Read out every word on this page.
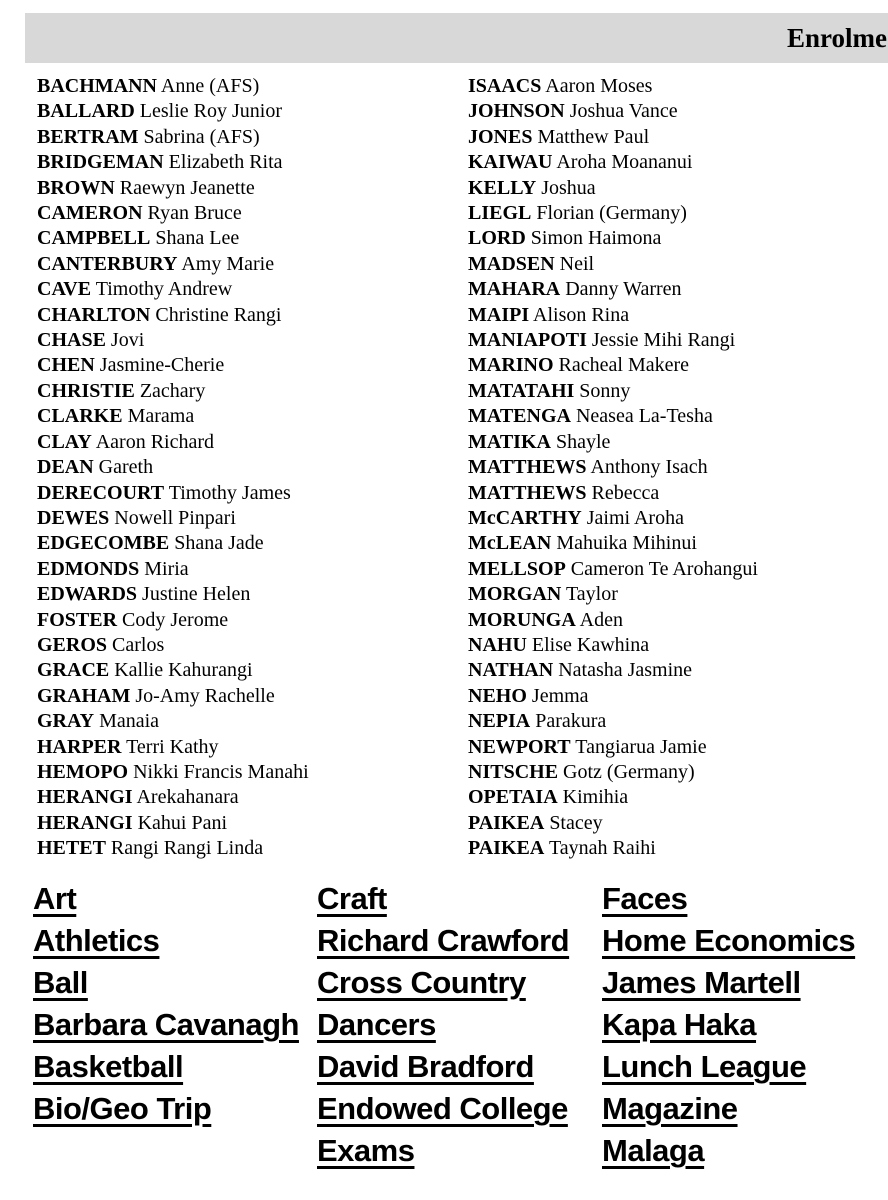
Enrolme
BACHMANN Anne (AFS)
BALLARD Leslie Roy Junior
BERTRAM Sabrina (AFS)
BRIDGEMAN Elizabeth Rita
BROWN Raewyn Jeanette
CAMERON Ryan Bruce
CAMPBELL Shana Lee
CANTERBURY Amy Marie
CAVE Timothy Andrew
CHARLTON Christine Rangi
CHASE Jovi
CHEN Jasmine-Cherie
CHRISTIE Zachary
CLARKE Marama
CLAY Aaron Richard
DEAN Gareth
DERECOURT Timothy James
DEWES Nowell Pinpari
EDGECOMBE Shana Jade
EDMONDS Miria
EDWARDS Justine Helen
FOSTER Cody Jerome
GEROS Carlos
GRACE Kallie Kahurangi
GRAHAM Jo-Amy Rachelle
GRAY Manaia
HARPER Terri Kathy
HEMOPO Nikki Francis Manahi
HERANGI Arekahanara
HERANGI Kahui Pani
HETET Rangi Rangi Linda
ISAACS Aaron Moses
JOHNSON Joshua Vance
JONES Matthew Paul
KAIWAU Aroha Moananui
KELLY Joshua
LIEGL Florian (Germany)
LORD Simon Haimona
MADSEN Neil
MAHARA Danny Warren
MAIPI Alison Rina
MANIAPOTI Jessie Mihi Rangi
MARINO Racheal Makere
MATATAHI Sonny
MATENGA Neasea La-Tesha
MATIKA Shayle
MATTHEWS Anthony Isach
MATTHEWS Rebecca
McCARTHY Jaimi Aroha
McLEAN Mahuika Mihinui
MELLSOP Cameron Te Arohangui
MORGAN Taylor
MORUNGA Aden
NAHU Elise Kawhina
NATHAN Natasha Jasmine
NEHO Jemma
NEPIA Parakura
NEWPORT Tangiarua Jamie
NITSCHE Gotz (Germany)
OPETAIA Kimihia
PAIKEA Stacey
PAIKEA Taynah Raihi
Art
Athletics
Ball
Barbara Cavanagh
Basketball
Bio/Geo Trip
Craft
Richard Crawford
Cross Country
Dancers
David Bradford
Endowed College
Exams
Faces
Home Economics
James Martell
Kapa Haka
Lunch League
Magazine
Malaga
